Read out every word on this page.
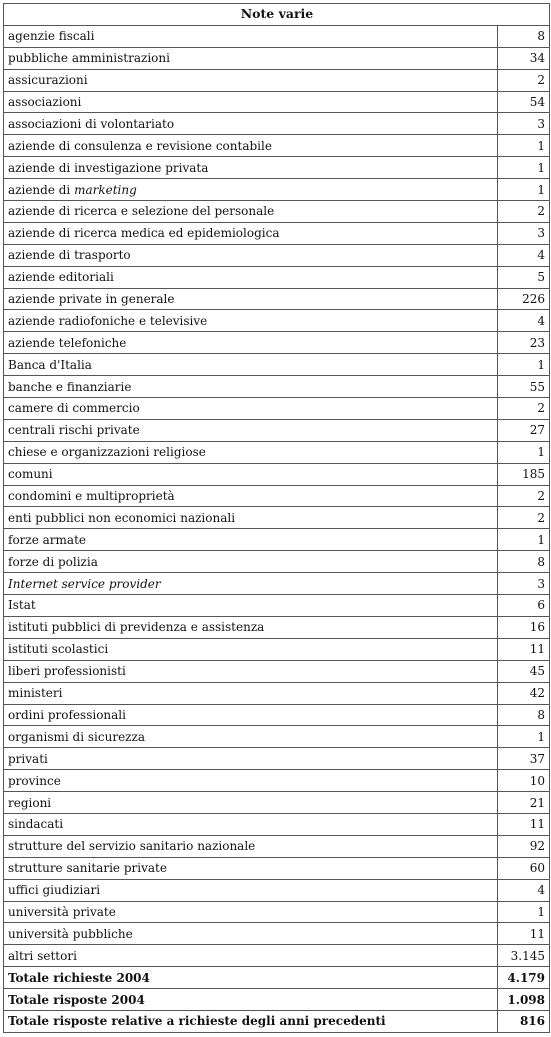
Note varie	
agenzie fiscali	8
pubbliche amministrazioni	34
assicurazioni	2
associazioni	54
associazioni di volontariato	3
aziende di consulenza e revisione contabile	1
aziende di investigazione privata	1
aziende di marketing	1
aziende di ricerca e selezione del personale	2
aziende di ricerca medica ed epidemiologica	3
aziende di trasporto	4
aziende editoriali	5
aziende private in generale	226
aziende radiofoniche e televisive	4
aziende telefoniche	23
Banca d'Italia	1
banche e finanziarie	55
camere di commercio	2
centrali rischi private	27
chiese e organizzazioni religiose	1
comuni	185
condomini e multiproprietà	2
enti pubblici non economici nazionali	2
forze armate	1
forze di polizia	8
Internet service provider	3
Istat	6
istituti pubblici di previdenza e assistenza	16
istituti scolastici	11
liberi professionisti	45
ministeri	42
ordini professionali	8
organismi di sicurezza	1
privati	37
province	10
regioni	21
sindacati	11
strutture del servizio sanitario nazionale	92
strutture sanitarie private	60
uffici giudiziari	4
università private	1
università pubbliche	11
altri settori	3.145
Totale richieste 2004	4.179
Totale risposte 2004	1.098
Totale risposte relative a richieste degli anni precedenti	816
